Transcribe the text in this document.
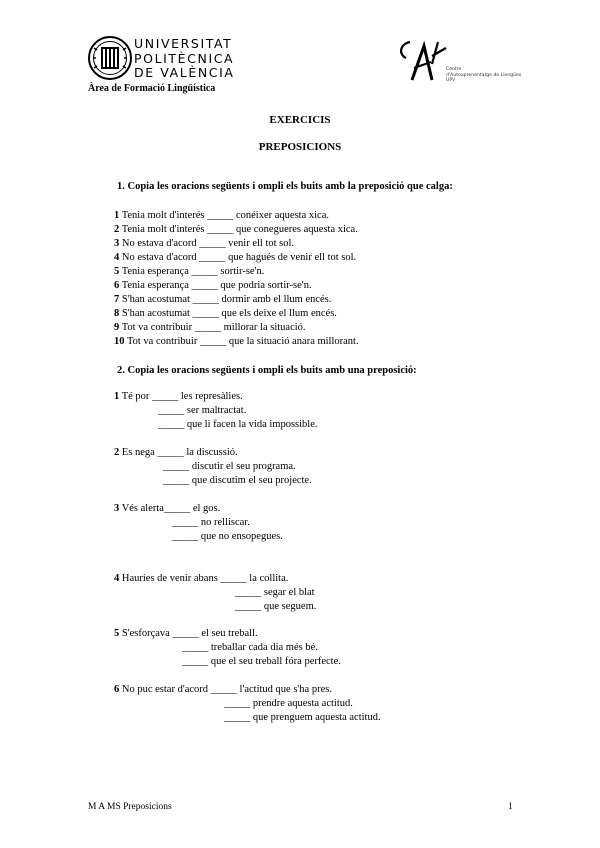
UNIVERSITAT
POLITÈCNICA
DE VALÈNCIA
Àrea de Formació Lingüística
Centre
d'Autoaprenentatge de Llengües
UPV
EXERCICIS
PREPOSICIONS
1. Copia les oracions següents i ompli els buits amb la preposició que calga:
1 Tenia molt d'interés _____ conéixer aquesta xica.
2 Tenia molt d'interés _____ que conegueres aquesta xica.
3 No estava d'acord _____ venir ell tot sol.
4 No estava d'acord _____ que hagués de venir ell tot sol.
5 Tenia esperança _____ sortir-se'n.
6 Tenia esperança _____ que podria sortir-se'n.
7 S'han acostumat _____ dormir amb el llum encés.
8 S'han acostumat _____ que els deixe el llum encés.
9 Tot va contribuir _____ millorar la situació.
10 Tot va contribuir _____ que la situació anara millorant.
2. Copia les oracions següents i ompli els buits amb una preposició:
1 Té por _____ les represàlies.
_____ ser maltractat.
_____ que li facen la vida impossible.
2 Es nega _____ la discussió.
_____ discutir el seu programa.
_____ que discutim el seu projecte.
3 Vés alerta_____ el gos.
_____ no relliscar.
_____ que no ensopegues.
4 Hauries de venir abans _____ la collita.
_____ segar el blat
_____ que seguem.
5 S'esforçava _____ el seu treball.
_____ treballar cada dia més bé.
_____ que el seu treball fóra perfecte.
6 No puc estar d'acord _____ l'actitud que s'ha pres.
_____ prendre aquesta actitud.
_____ que prenguem aquesta actitud.
M A MS Preposicions	1
